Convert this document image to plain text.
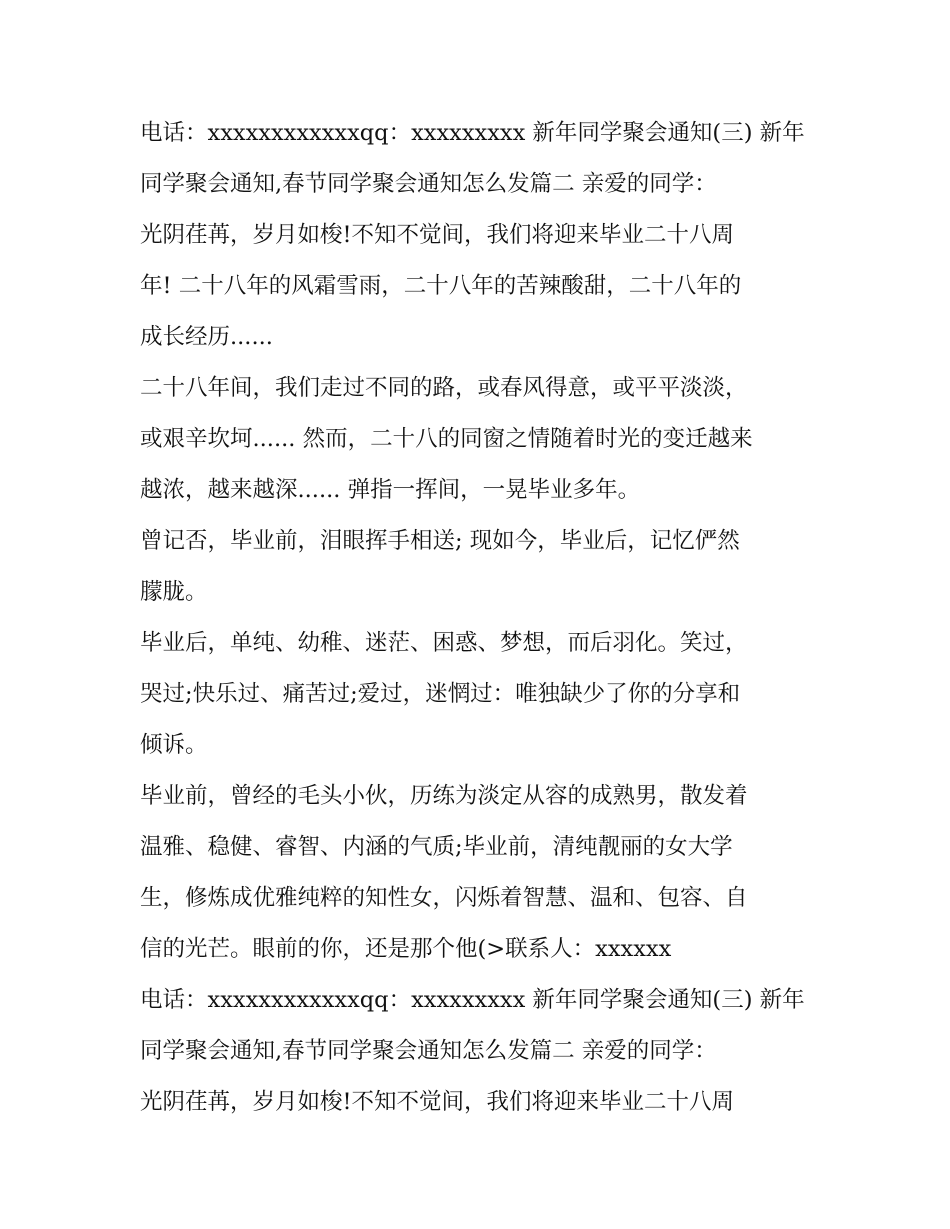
电话：xxxxxxxxxxxxqq：xxxxxxxxx 新年同学聚会通知(三) 新年
同学聚会通知,春节同学聚会通知怎么发篇二 亲爱的同学：
光阴荏苒，岁月如梭!不知不觉间，我们将迎来毕业二十八周
年! 二十八年的风霜雪雨，二十八年的苦辣酸甜，二十八年的
成长经历......
二十八年间，我们走过不同的路，或春风得意，或平平淡淡，
或艰辛坎坷...... 然而，二十八的同窗之情随着时光的变迁越来
越浓，越来越深...... 弹指一挥间，一晃毕业多年。
曾记否，毕业前，泪眼挥手相送; 现如今，毕业后，记忆俨然
朦胧。
毕业后，单纯、幼稚、迷茫、困惑、梦想，而后羽化。笑过，
哭过;快乐过、痛苦过;爱过，迷惘过：唯独缺少了你的分享和
倾诉。
毕业前，曾经的毛头小伙，历练为淡定从容的成熟男，散发着
温雅、稳健、睿智、内涵的气质;毕业前，清纯靓丽的女大学
生，修炼成优雅纯粹的知性女，闪烁着智慧、温和、包容、自
信的光芒。眼前的你，还是那个他(>联系人：xxxxxx
电话：xxxxxxxxxxxxqq：xxxxxxxxx 新年同学聚会通知(三) 新年
同学聚会通知,春节同学聚会通知怎么发篇二 亲爱的同学：
光阴荏苒，岁月如梭!不知不觉间，我们将迎来毕业二十八周
